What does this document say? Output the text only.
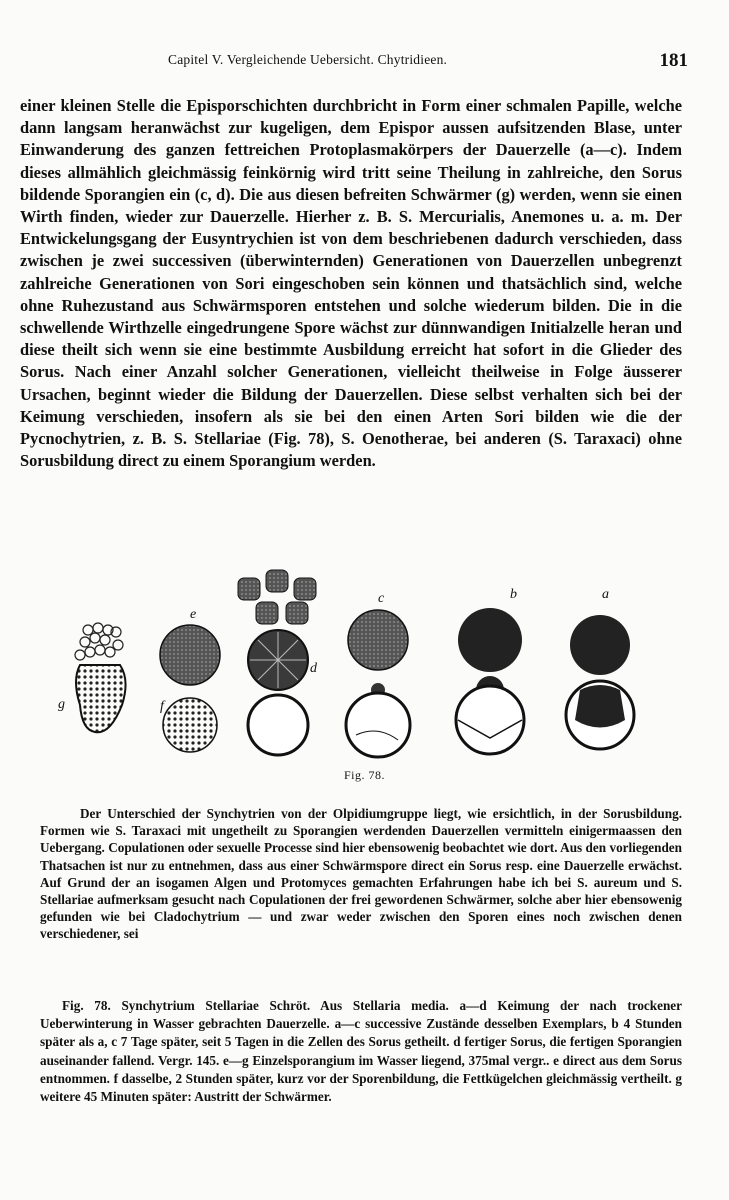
Capitel V. Vergleichende Uebersicht. Chytridieen.	181

einer kleinen Stelle die Episporschichten durchbricht in Form einer schmalen Papille, welche dann langsam heranwächst zur kugeligen, dem Epispor aussen aufsitzenden Blase, unter Einwanderung des ganzen fettreichen Protoplasmakörpers der Dauerzelle (a—c). Indem dieses allmählich gleichmässig feinkörnig wird tritt seine Theilung in zahlreiche, den Sorus bildende Sporangien ein (c, d). Die aus diesen befreiten Schwärmer (g) werden, wenn sie einen Wirth finden, wieder zur Dauerzelle. Hierher z. B. S. Mercurialis, Anemones u. a. m. Der Entwickelungsgang der Eusyntrychien ist von dem beschriebenen dadurch verschieden, dass zwischen je zwei successiven (überwinternden) Generationen von Dauerzellen unbegrenzt zahlreiche Generationen von Sori eingeschoben sein können und thatsächlich sind, welche ohne Ruhezustand aus Schwärmsporen entstehen und solche wiederum bilden. Die in die schwellende Wirthzelle eingedrungene Spore wächst zur dünnwandigen Initialzelle heran und diese theilt sich wenn sie eine bestimmte Ausbildung erreicht hat sofort in die Glieder des Sorus. Nach einer Anzahl solcher Generationen, vielleicht theilweise in Folge äusserer Ursachen, beginnt wieder die Bildung der Dauerzellen. Diese selbst verhalten sich bei der Keimung verschieden, insofern als sie bei den einen Arten Sori bilden wie die der Pycnochytrien, z. B. S. Stellariae (Fig. 78), S. Oenotherae, bei anderen (S. Taraxaci) ohne Sorusbildung direct zu einem Sporangium werden.

g
e
f
d
c	b	a
Fig. 78.

Der Unterschied der Synchytrien von der Olpidiumgruppe liegt, wie ersichtlich, in der Sorusbildung. Formen wie S. Taraxaci mit ungetheilt zu Sporangien werdenden Dauerzellen vermitteln einigermaassen den Uebergang. Copulationen oder sexuelle Processe sind hier ebensowenig beobachtet wie dort. Aus den vorliegenden Thatsachen ist nur zu entnehmen, dass aus einer Schwärmspore direct ein Sorus resp. eine Dauerzelle erwächst. Auf Grund der an isogamen Algen und Protomyces gemachten Erfahrungen habe ich bei S. aureum und S. Stellariae aufmerksam gesucht nach Copulationen der frei gewordenen Schwärmer, solche aber hier ebensowenig gefunden wie bei Cladochytrium — und zwar weder zwischen den Sporen eines noch zwischen denen verschiedener, sei

Fig. 78. Synchytrium Stellariae Schröt. Aus Stellaria media. a—d Keimung der nach trockener Ueberwinterung in Wasser gebrachten Dauerzelle. a—c successive Zustände desselben Exemplars, b 4 Stunden später als a, c 7 Tage später, seit 5 Tagen in die Zellen des Sorus getheilt. d fertiger Sorus, die fertigen Sporangien auseinander fallend. Vergr. 145. e—g Einzelsporangium im Wasser liegend, 375mal vergr.. e direct aus dem Sorus entnommen. f dasselbe, 2 Stunden später, kurz vor der Sporenbildung, die Fettkügelchen gleichmässig vertheilt. g weitere 45 Minuten später: Austritt der Schwärmer.
